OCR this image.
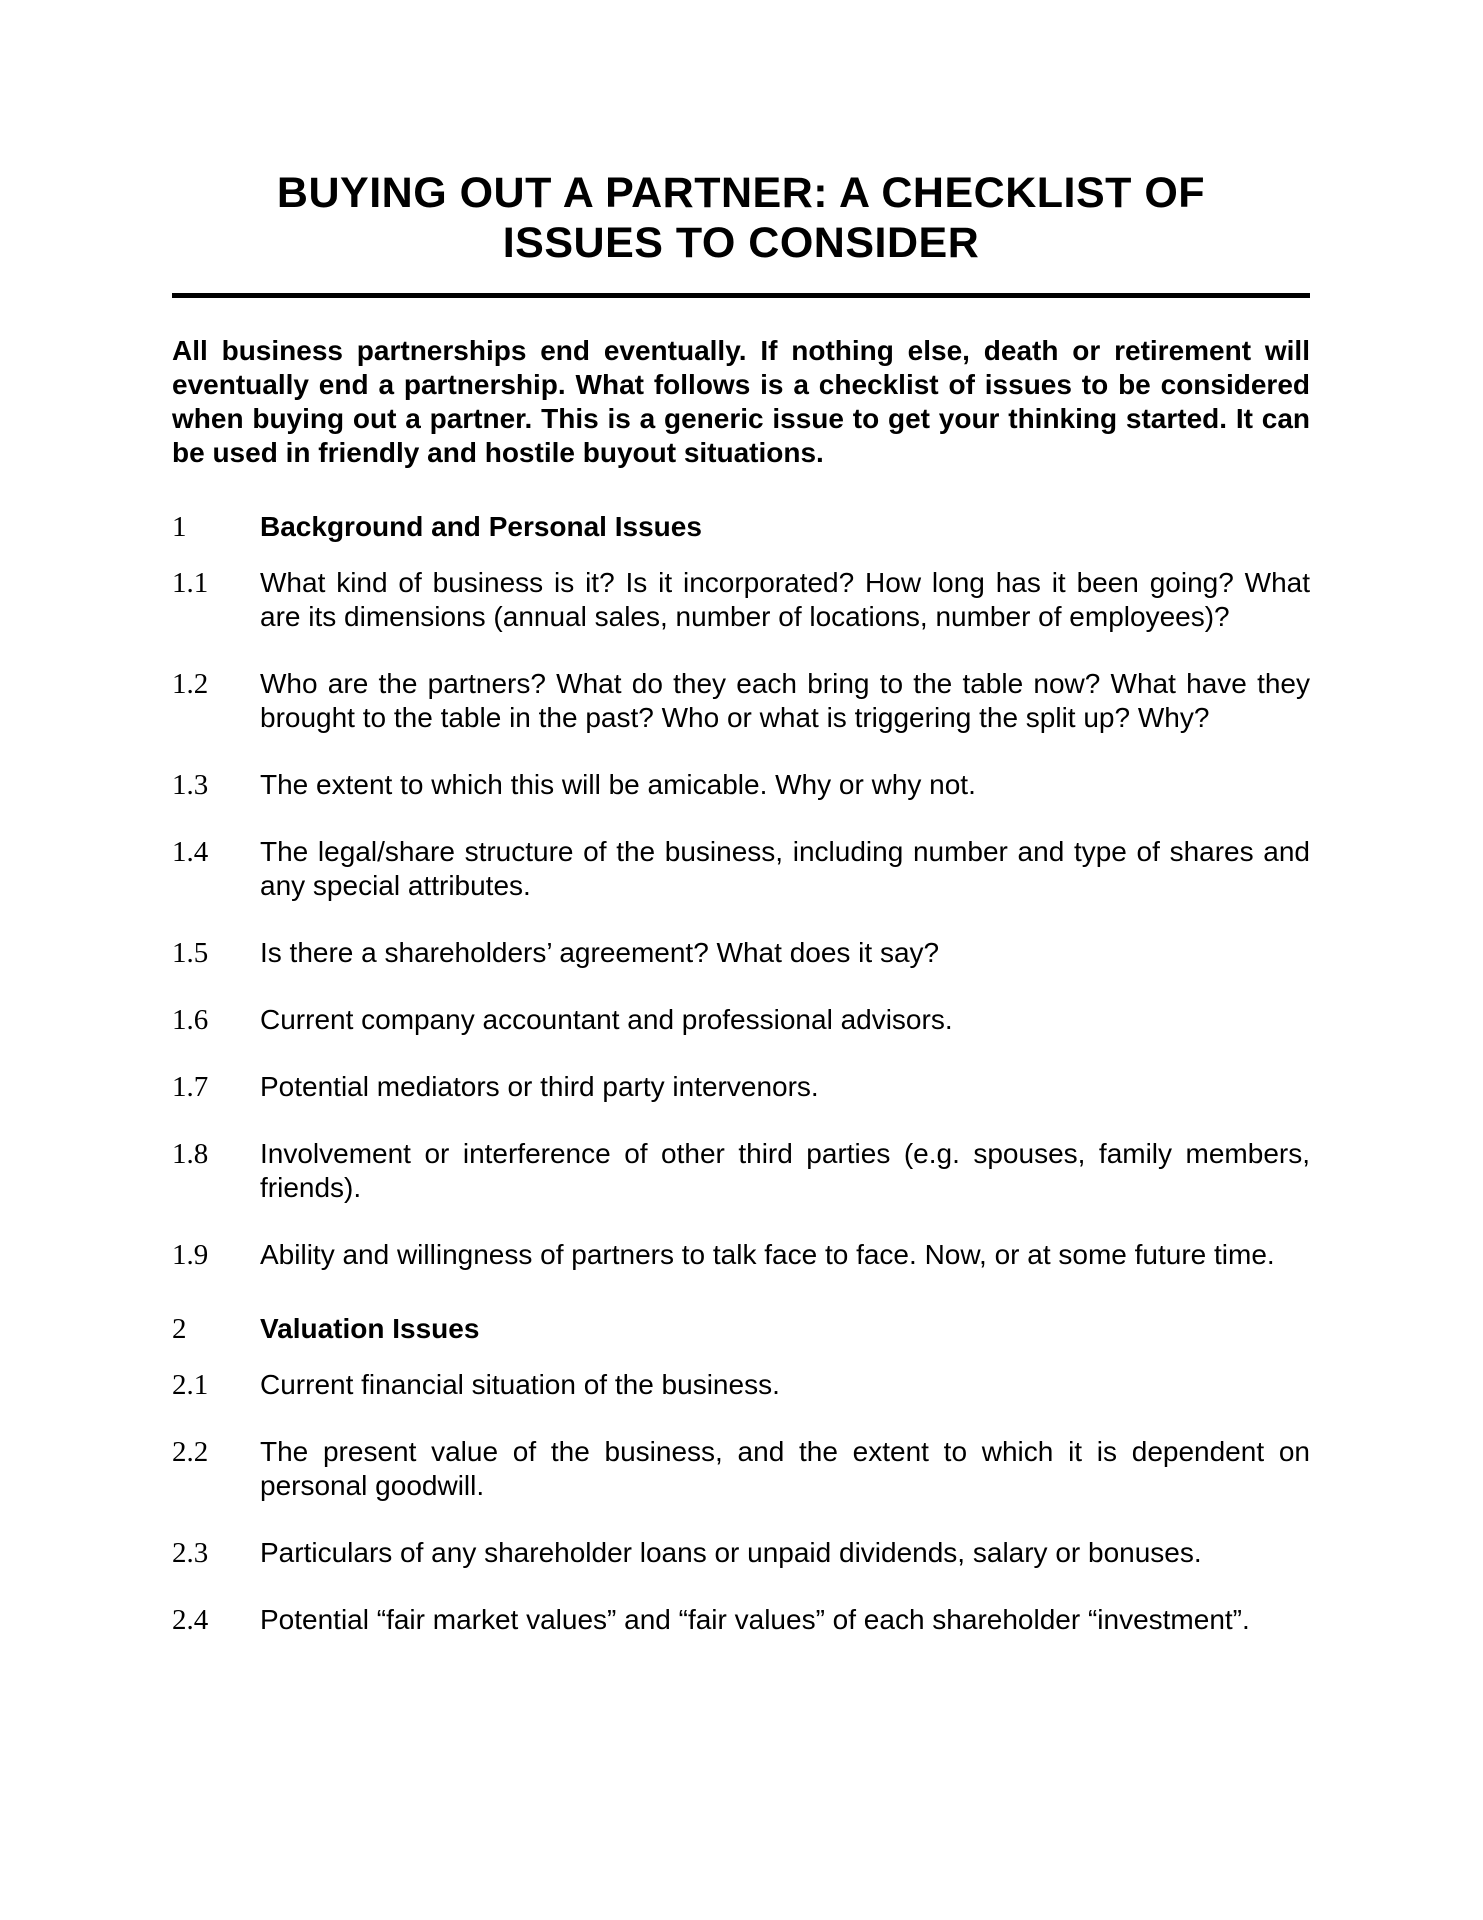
BUYING OUT A PARTNER: A CHECKLIST OF
ISSUES TO CONSIDER

All business partnerships end eventually. If nothing else, death or retirement will eventually end a partnership. What follows is a checklist of issues to be considered when buying out a partner. This is a generic issue to get your thinking started. It can be used in friendly and hostile buyout situations.

1	Background and Personal Issues
1.1	What kind of business is it? Is it incorporated? How long has it been going? What are its dimensions (annual sales, number of locations, number of employees)?
1.2	Who are the partners? What do they each bring to the table now? What have they brought to the table in the past? Who or what is triggering the split up? Why?
1.3	The extent to which this will be amicable. Why or why not.
1.4	The legal/share structure of the business, including number and type of shares and any special attributes.
1.5	Is there a shareholders’ agreement? What does it say?
1.6	Current company accountant and professional advisors.
1.7	Potential mediators or third party intervenors.
1.8	Involvement or interference of other third parties (e.g. spouses, family members, friends).
1.9	Ability and willingness of partners to talk face to face. Now, or at some future time.
2	Valuation Issues
2.1	Current financial situation of the business.
2.2	The present value of the business, and the extent to which it is dependent on personal goodwill.
2.3	Particulars of any shareholder loans or unpaid dividends, salary or bonuses.
2.4	Potential “fair market values” and “fair values” of each shareholder “investment”.
